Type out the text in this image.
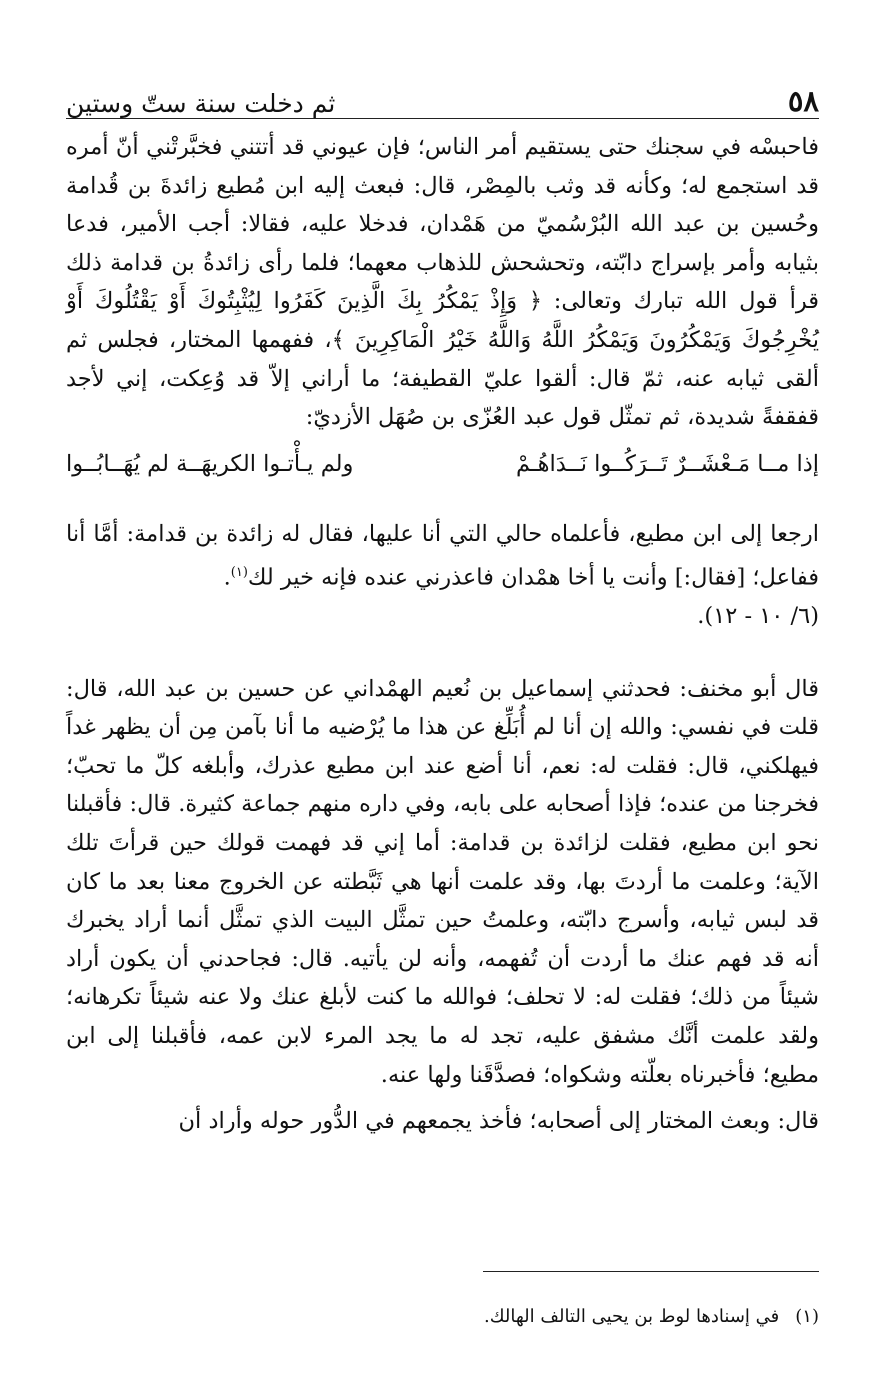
٥٨
ثم دخلت سنة ستّ وستين

فاحبسْه في سجنك حتى يستقيم أمر الناس؛ فإن عيوني قد أتتني فخبَّرتْني أنّ أمره قد استجمع له؛ وكأنه قد وثب بالمِصْر، قال: فبعث إليه ابن مُطيع زائدةَ بن قُدامة وحُسين بن عبد الله البُرْسُميّ من هَمْدان، فدخلا عليه، فقالا: أجب الأمير، فدعا بثيابه وأمر بإسراج دابّته، وتحشحش للذهاب معهما؛ فلما رأى زائدةُ بن قدامة ذلك قرأ قول الله تبارك وتعالى: ﴿ وَإِذْ يَمْكُرُ بِكَ الَّذِينَ كَفَرُوا لِيُثْبِتُوكَ أَوْ يَقْتُلُوكَ أَوْ يُخْرِجُوكَ وَيَمْكُرُونَ وَيَمْكُرُ اللَّهُ وَاللَّهُ خَيْرُ الْمَاكِرِينَ ﴾، ففهمها المختار، فجلس ثم ألقى ثيابه عنه، ثمّ قال: ألقوا عليّ القطيفة؛ ما أراني إلاّ قد وُعِكت، إني لأجد قفقفةً شديدة، ثم تمثّل قول عبد العُزّى بن صُهَل الأزديّ:

إذا مــا مَـعْشَــرٌ تَــرَكُــوا نَــدَاهُـمْ
ولم يـأْتـوا الكريهَــة لم يُهَــابُــوا

ارجعا إلى ابن مطيع، فأعلماه حالي التي أنا عليها، فقال له زائدة بن قدامة: أمَّا أنا ففاعل؛ [فقال:] وأنت يا أخا همْدان فاعذرني عنده فإنه خير لك$^{(١)}$.
(٦/ ١٠ - ١٢).

قال أبو مخنف: فحدثني إسماعيل بن نُعيم الهمْداني عن حسين بن عبد الله، قال: قلت في نفسي: والله إن أنا لم أُبَلِّغ عن هذا ما يُرْضيه ما أنا بآمن مِن أن يظهر غداً فيهلكني، قال: فقلت له: نعم، أنا أضع عند ابن مطيع عذرك، وأبلغه كلّ ما تحبّ؛ فخرجنا من عنده؛ فإذا أصحابه على بابه، وفي داره منهم جماعة كثيرة. قال: فأقبلنا نحو ابن مطيع، فقلت لزائدة بن قدامة: أما إني قد فهمت قولك حين قرأتَ تلك الآية؛ وعلمت ما أردتَ بها، وقد علمت أنها هي ثَبَّطته عن الخروج معنا بعد ما كان قد لبس ثيابه، وأسرج دابّته، وعلمتُ حين تمثَّل البيت الذي تمثَّل أنما أراد يخبرك أنه قد فهم عنك ما أردت أن تُفهمه، وأنه لن يأتيه. قال: فجاحدني أن يكون أراد شيئاً من ذلك؛ فقلت له: لا تحلف؛ فوالله ما كنت لأبلغ عنك ولا عنه شيئاً تكرهانه؛ ولقد علمت أنَّك مشفق عليه، تجد له ما يجد المرء لابن عمه، فأقبلنا إلى ابن مطيع؛ فأخبرناه بعلّته وشكواه؛ فصدَّقَنا ولها عنه.

قال: وبعث المختار إلى أصحابه؛ فأخذ يجمعهم في الدُّور حوله وأراد أن

(١)
في إسنادها لوط بن يحيى التالف الهالك.
